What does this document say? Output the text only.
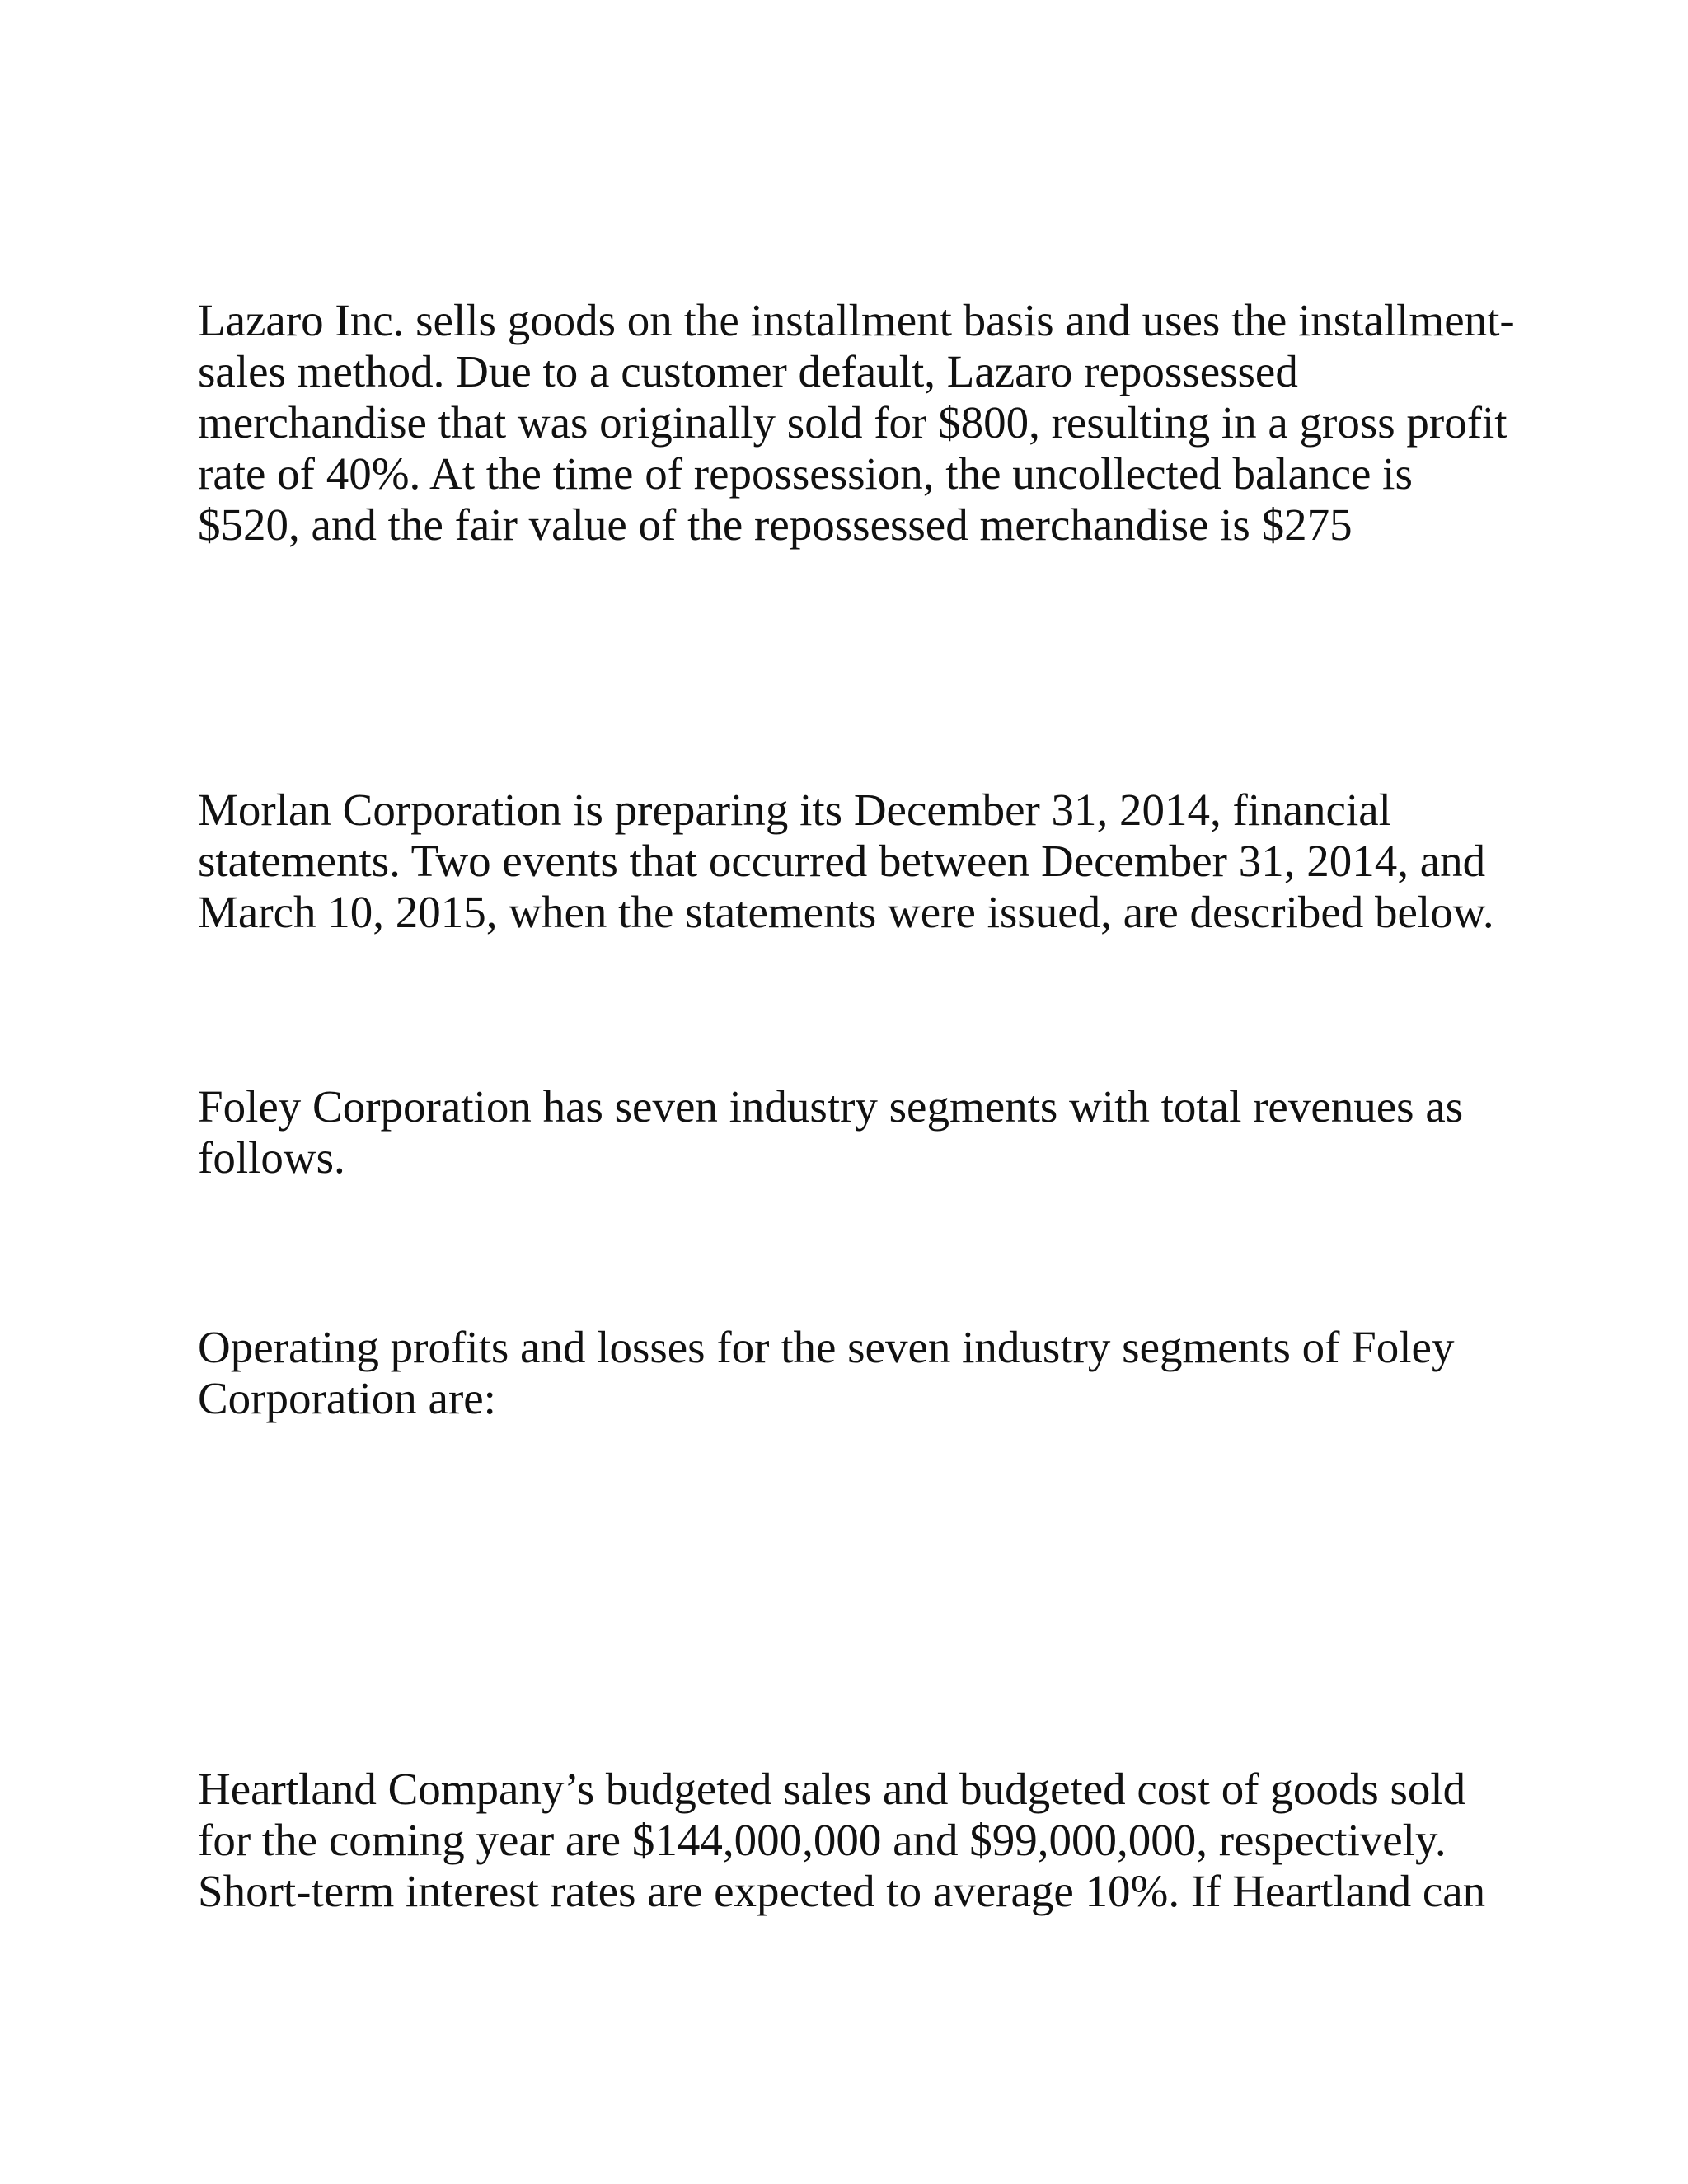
Lazaro Inc. sells goods on the installment basis and uses the installment-
sales method. Due to a customer default, Lazaro repossessed
merchandise that was originally sold for $800, resulting in a gross profit
rate of 40%. At the time of repossession, the uncollected balance is
$520, and the fair value of the repossessed merchandise is $275

Morlan Corporation is preparing its December 31, 2014, financial
statements. Two events that occurred between December 31, 2014, and
March 10, 2015, when the statements were issued, are described below.

Foley Corporation has seven industry segments with total revenues as
follows.

Operating profits and losses for the seven industry segments of Foley
Corporation are:

Heartland Company’s budgeted sales and budgeted cost of goods sold
for the coming year are $144,000,000 and $99,000,000, respectively.
Short-term interest rates are expected to average 10%. If Heartland can
